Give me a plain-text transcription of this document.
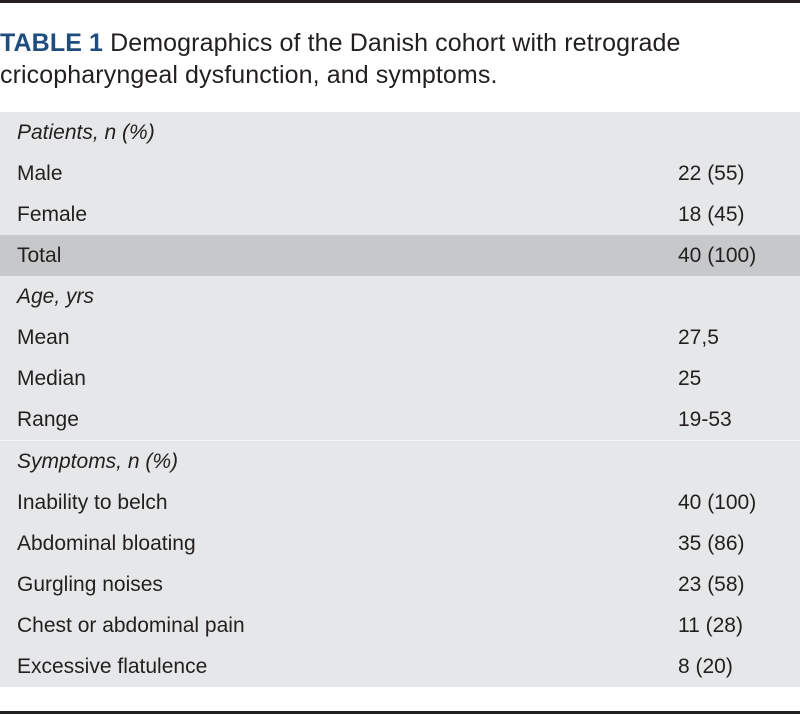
TABLE 1 Demographics of the Danish cohort with retrograde cricopharyngeal dysfunction, and symptoms.
Patients, n (%)
Male	22 (55)
Female	18 (45)
Total	40 (100)
Age, yrs
Mean	27,5
Median	25
Range	19-53
Symptoms, n (%)
Inability to belch	40 (100)
Abdominal bloating	35 (86)
Gurgling noises	23 (58)
Chest or abdominal pain	11 (28)
Excessive flatulence	8 (20)
